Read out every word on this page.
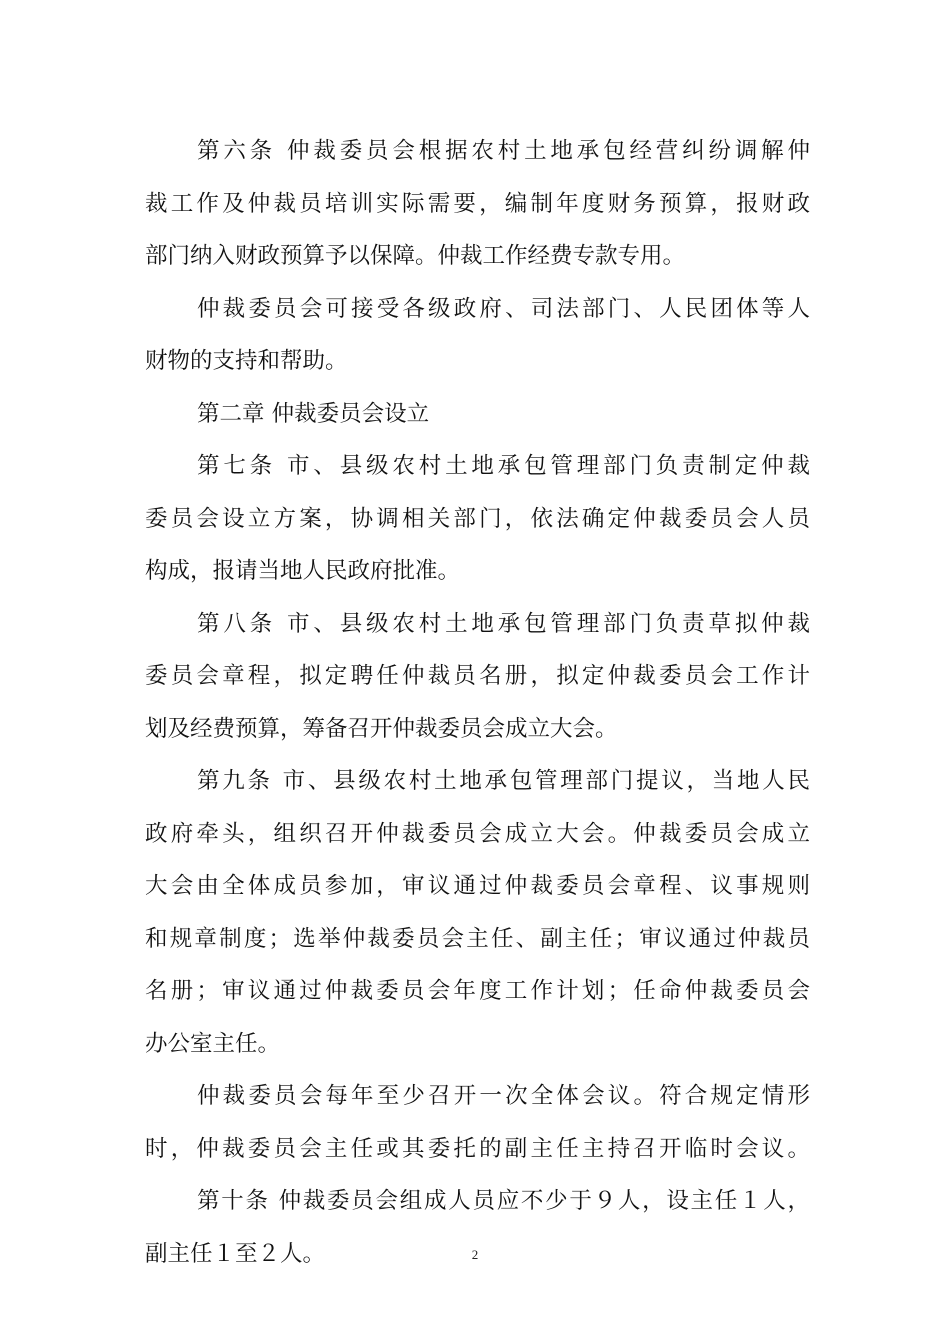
第六条 仲裁委员会根据农村土地承包经营纠纷调解仲
裁工作及仲裁员培训实际需要，编制年度财务预算，报财政
部门纳入财政预算予以保障。仲裁工作经费专款专用。
仲裁委员会可接受各级政府、司法部门、人民团体等人
财物的支持和帮助。
第二章 仲裁委员会设立
第七条 市、县级农村土地承包管理部门负责制定仲裁
委员会设立方案，协调相关部门，依法确定仲裁委员会人员
构成，报请当地人民政府批准。
第八条 市、县级农村土地承包管理部门负责草拟仲裁
委员会章程，拟定聘任仲裁员名册，拟定仲裁委员会工作计
划及经费预算，筹备召开仲裁委员会成立大会。
第九条 市、县级农村土地承包管理部门提议，当地人民
政府牵头，组织召开仲裁委员会成立大会。仲裁委员会成立
大会由全体成员参加，审议通过仲裁委员会章程、议事规则
和规章制度；选举仲裁委员会主任、副主任；审议通过仲裁员
名册；审议通过仲裁委员会年度工作计划；任命仲裁委员会
办公室主任。
仲裁委员会每年至少召开一次全体会议。符合规定情形
时，仲裁委员会主任或其委托的副主任主持召开临时会议。
第十条 仲裁委员会组成人员应不少于９人，设主任１人，
副主任１至２人。	2
